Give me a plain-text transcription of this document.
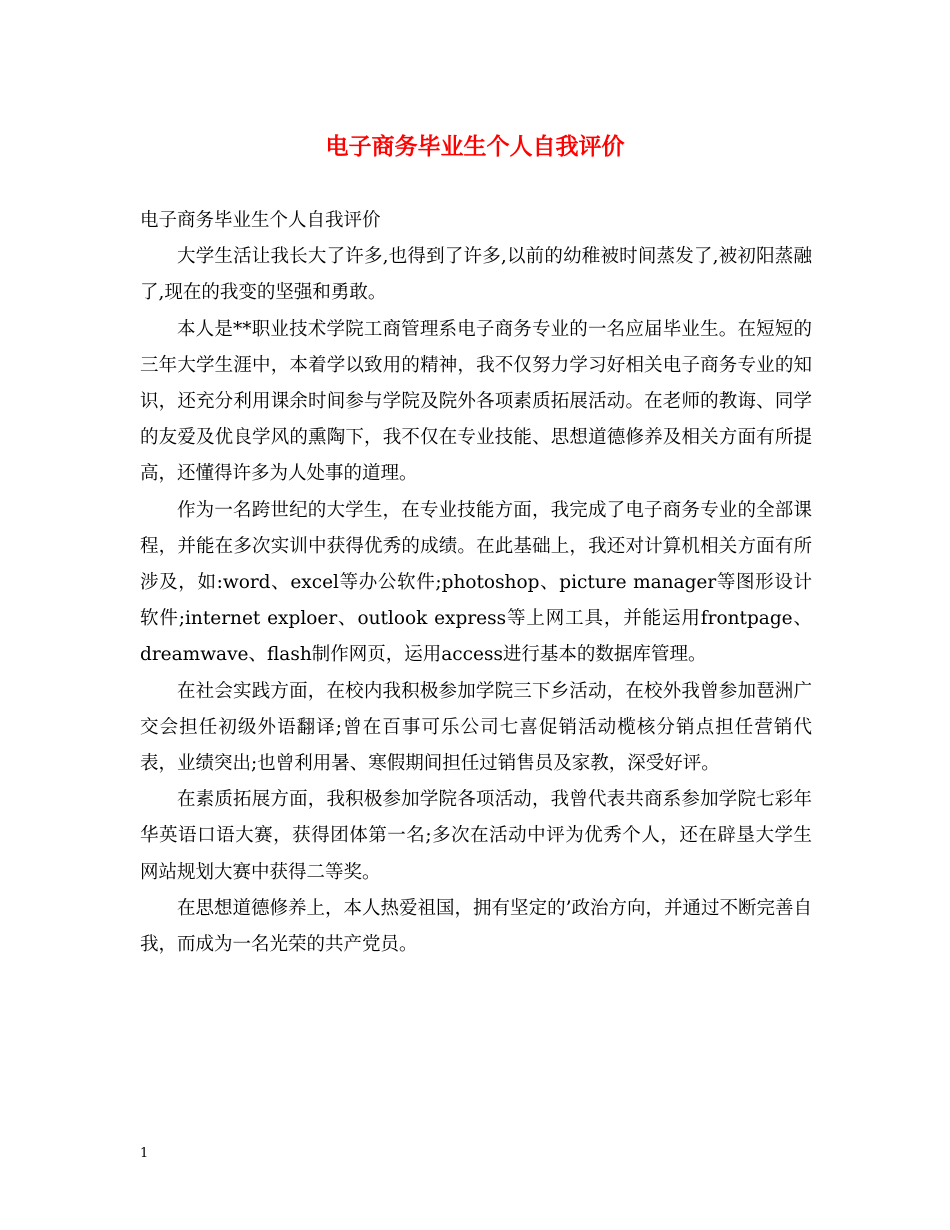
电子商务毕业生个人自我评价

电子商务毕业生个人自我评价

大学生活让我长大了许多,也得到了许多,以前的幼稚被时间蒸发了,被初阳蒸融了,现在的我变的坚强和勇敢。

本人是**职业技术学院工商管理系电子商务专业的一名应届毕业生。在短短的三年大学生涯中，本着学以致用的精神，我不仅努力学习好相关电子商务专业的知识，还充分利用课余时间参与学院及院外各项素质拓展活动。在老师的教诲、同学的友爱及优良学风的熏陶下，我不仅在专业技能、思想道德修养及相关方面有所提高，还懂得许多为人处事的道理。

作为一名跨世纪的大学生，在专业技能方面，我完成了电子商务专业的全部课程，并能在多次实训中获得优秀的成绩。在此基础上，我还对计算机相关方面有所涉及，如:word、excel等办公软件;photoshop、picture manager等图形设计软件;internet exploer、outlook express等上网工具，并能运用frontpage、dreamwave、flash制作网页，运用access进行基本的数据库管理。

在社会实践方面，在校内我积极参加学院三下乡活动，在校外我曾参加琶洲广交会担任初级外语翻译;曾在百事可乐公司七喜促销活动榄核分销点担任营销代表，业绩突出;也曾利用暑、寒假期间担任过销售员及家教，深受好评。

在素质拓展方面，我积极参加学院各项活动，我曾代表共商系参加学院七彩年华英语口语大赛，获得团体第一名;多次在活动中评为优秀个人，还在辟垦大学生网站规划大赛中获得二等奖。

在思想道德修养上，本人热爱祖国，拥有坚定的’政治方向，并通过不断完善自我，而成为一名光荣的共产党员。

1
